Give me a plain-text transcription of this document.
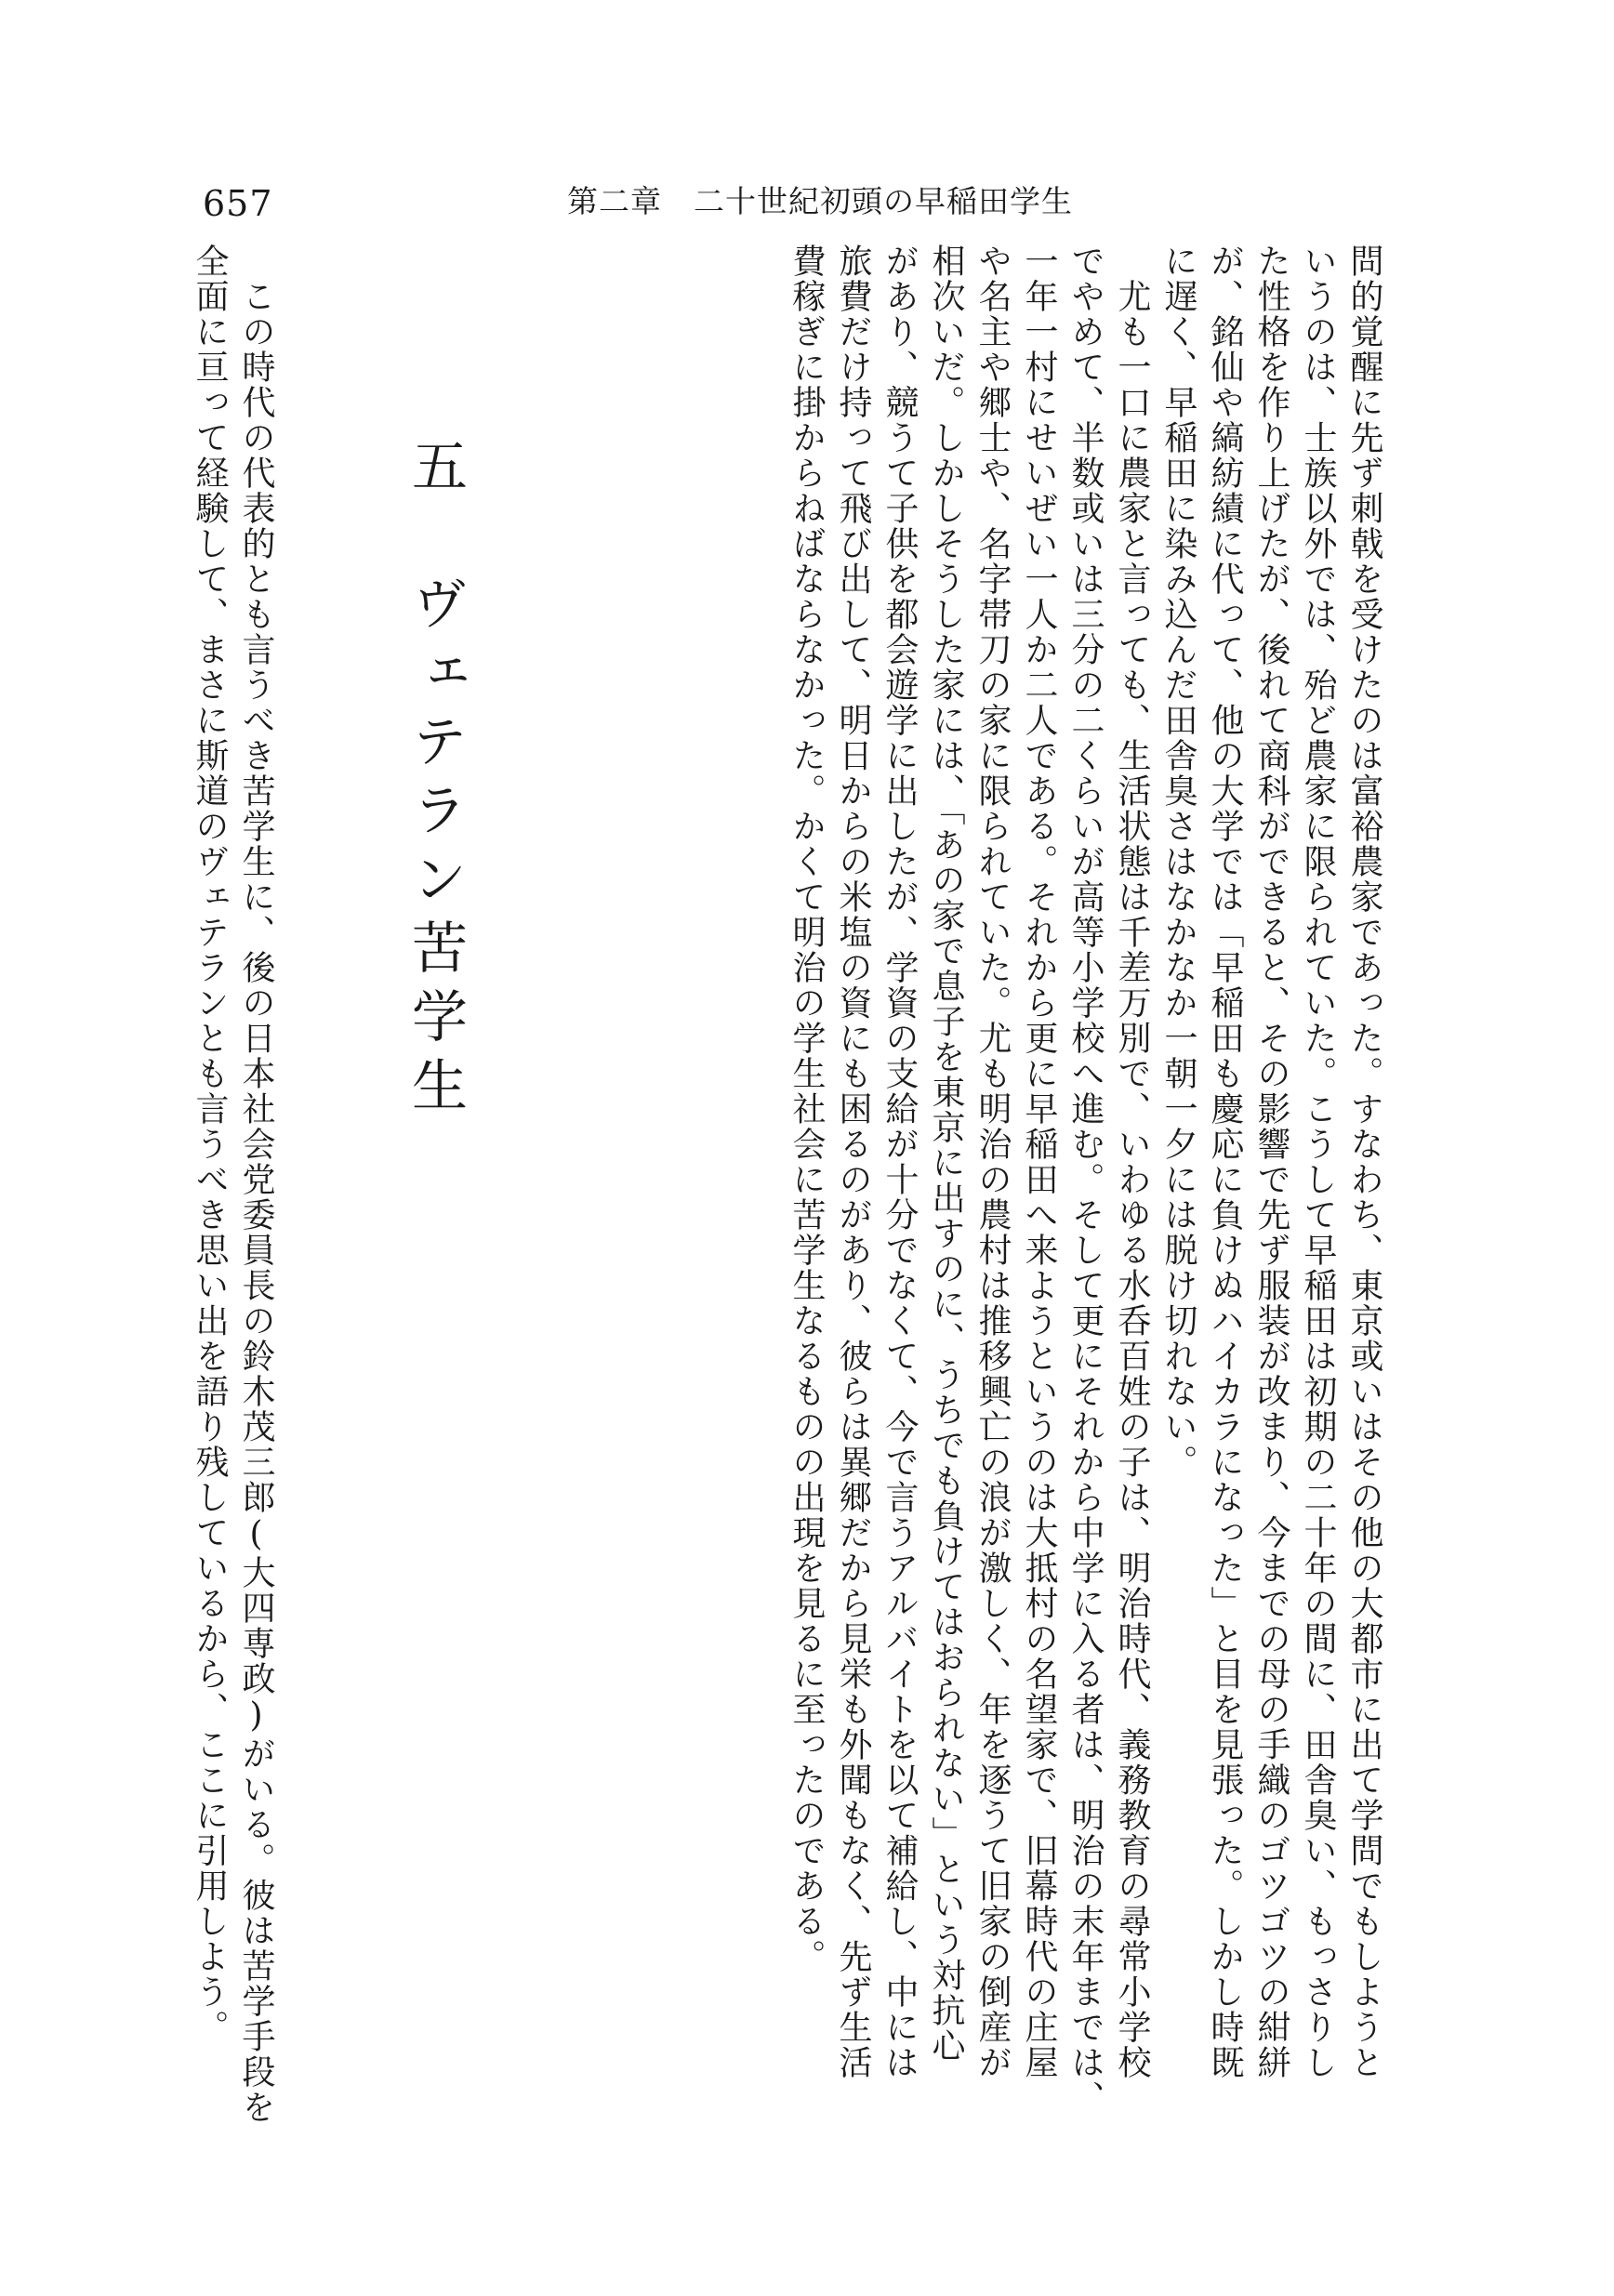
657	第二章　二十世紀初頭の早稲田学生

問的覚醒に先ず刺戟を受けたのは富裕農家であった。すなわち、東京或いはその他の大都市に出て学問でもしようと

いうのは、士族以外では、殆ど農家に限られていた。こうして早稲田は初期の二十年の間に、田舎臭い、もっさりし

た性格を作り上げたが、後れて商科ができると、その影響で先ず服装が改まり、今までの母の手織のゴツゴツの紺絣

が、銘仙や縞紡績に代って、他の大学では「早稲田も慶応に負けぬハイカラになった」と目を見張った。しかし時既

に遅く、早稲田に染み込んだ田舎臭さはなかなか一朝一夕には脱け切れない。

尤も一口に農家と言っても、生活状態は千差万別で、いわゆる水呑百姓の子は、明治時代、義務教育の尋常小学校

でやめて、半数或いは三分の二くらいが高等小学校へ進む。そして更にそれから中学に入る者は、明治の末年までは、

一年一村にせいぜい一人か二人である。それから更に早稲田へ来ようというのは大抵村の名望家で、旧幕時代の庄屋

や名主や郷士や、名字帯刀の家に限られていた。尤も明治の農村は推移興亡の浪が激しく、年を逐うて旧家の倒産が

相次いだ。しかしそうした家には、「あの家で息子を東京に出すのに、うちでも負けてはおられない」という対抗心

があり、競うて子供を都会遊学に出したが、学資の支給が十分でなくて、今で言うアルバイトを以て補給し、中には

旅費だけ持って飛び出して、明日からの米塩の資にも困るのがあり、彼らは異郷だから見栄も外聞もなく、先ず生活

費稼ぎに掛からねばならなかった。かくて明治の学生社会に苦学生なるものの出現を見るに至ったのである。

五　ヴェテラン苦学生

この時代の代表的とも言うべき苦学生に、後の日本社会党委員長の鈴木茂三郎(大四専政)がいる。彼は苦学手段を

全面に亘って経験して、まさに斯道のヴェテランとも言うべき思い出を語り残しているから、ここに引用しよう。
